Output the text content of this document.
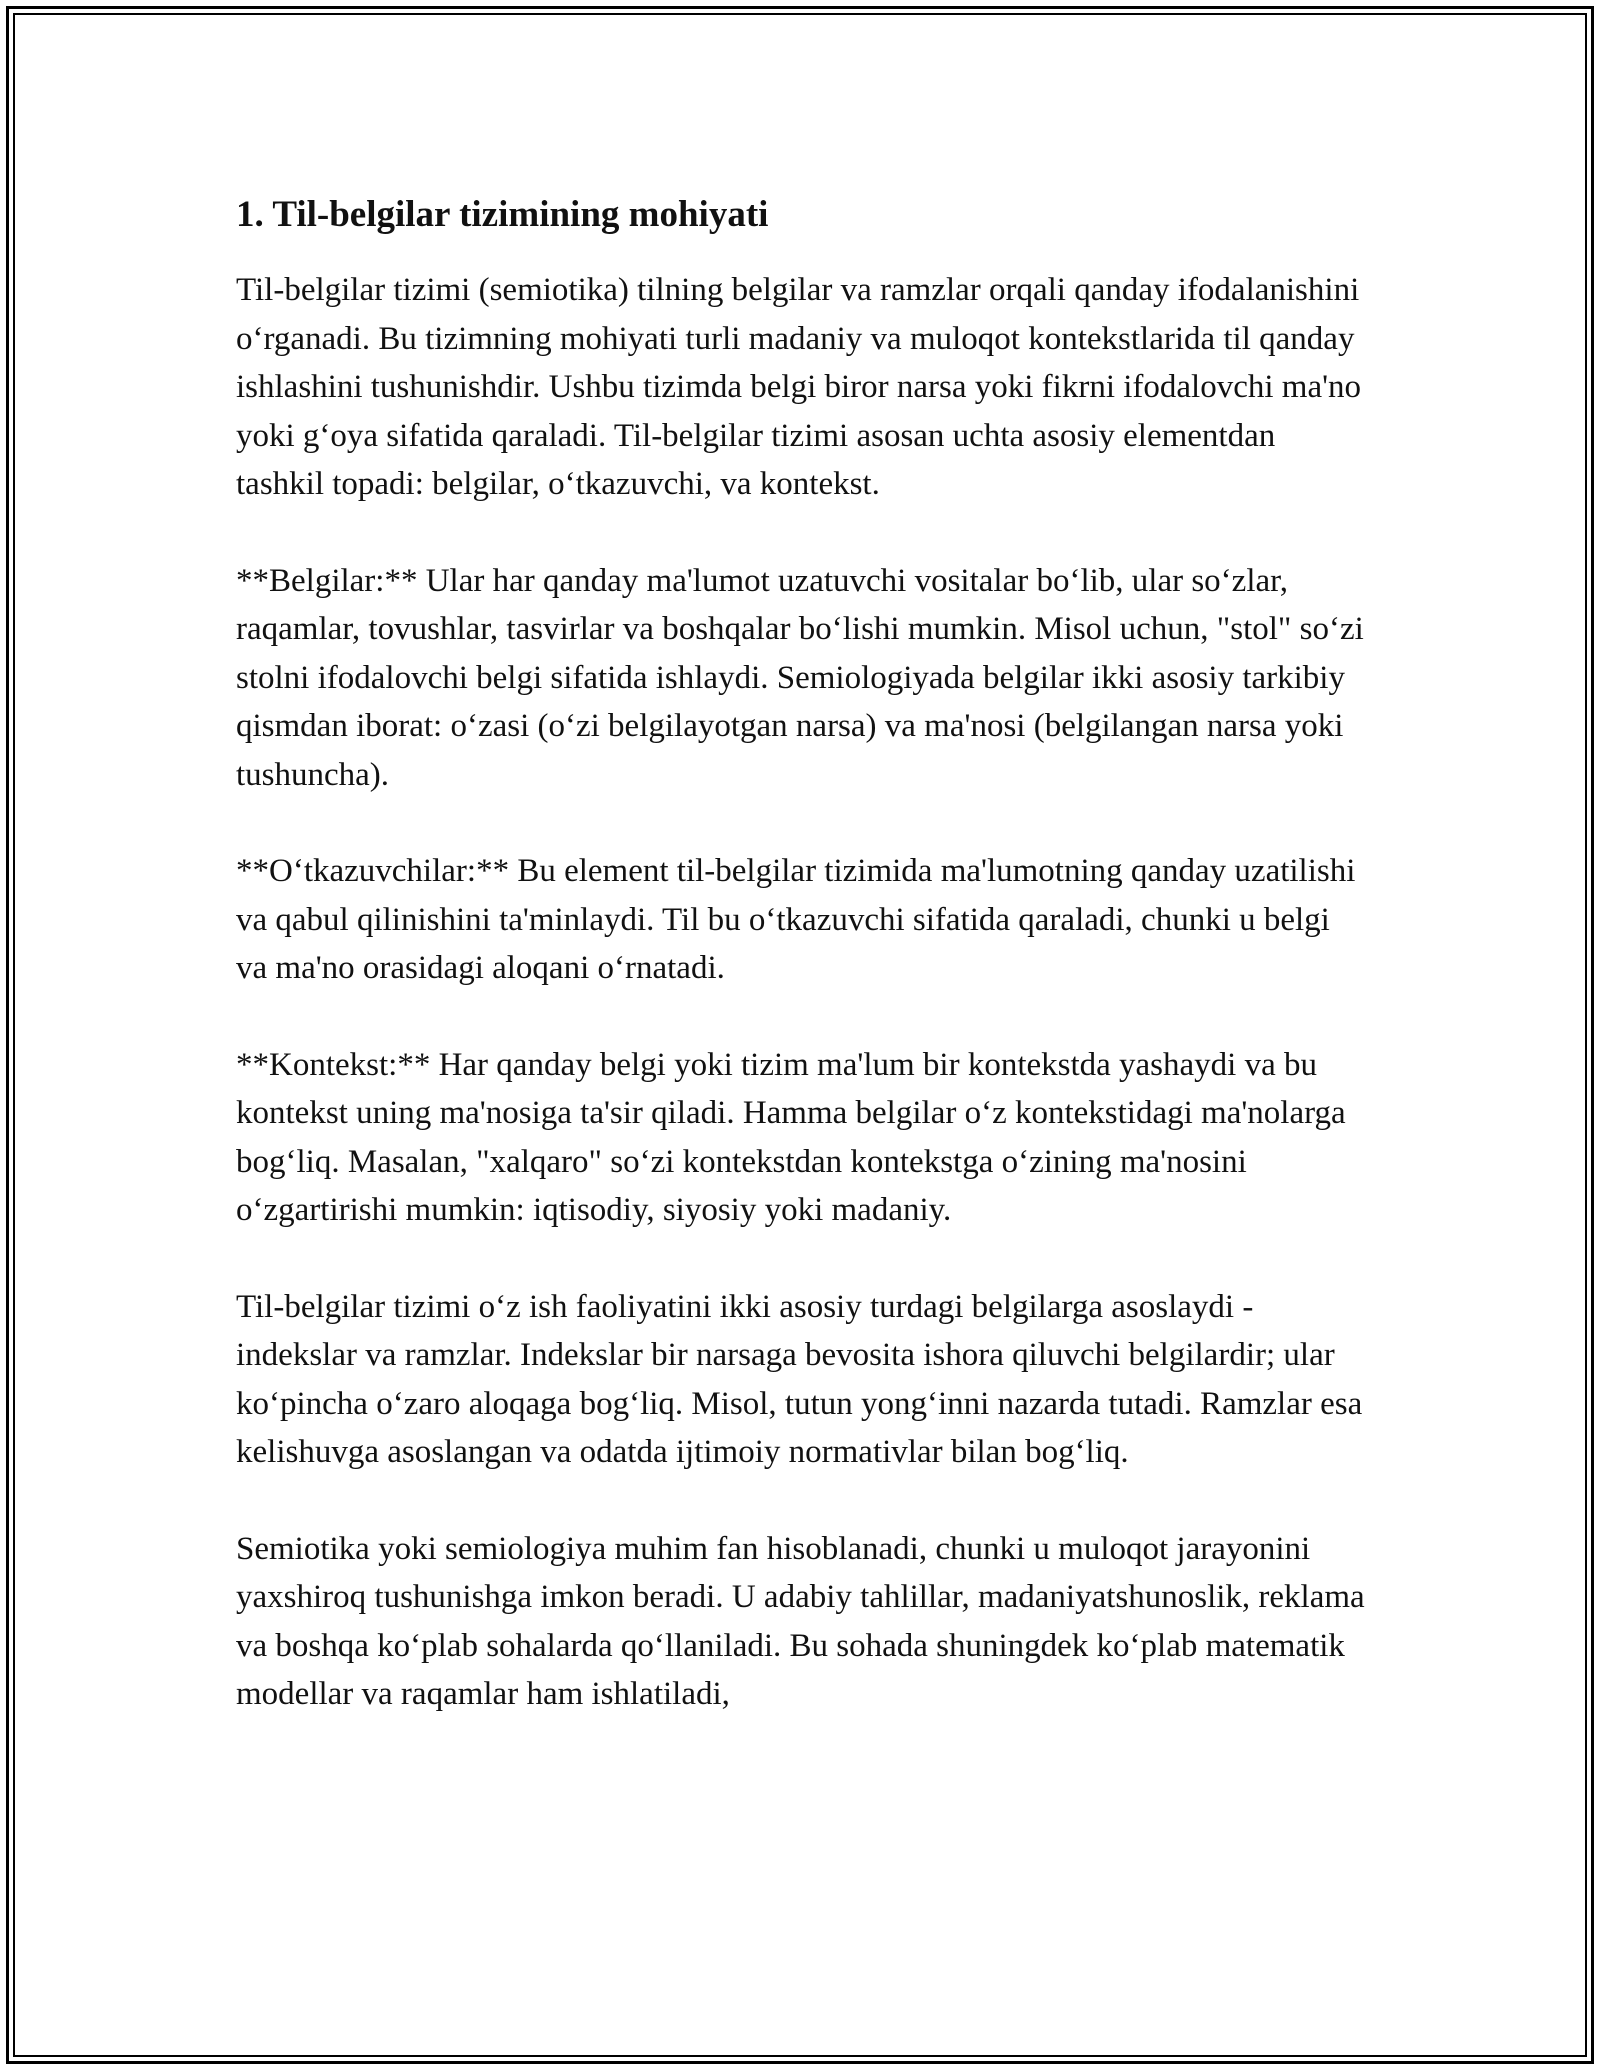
1. Til-belgilar tizimining mohiyati

Til-belgilar tizimi (semiotika) tilning belgilar va ramzlar orqali qanday ifodalanishini o‘rganadi. Bu tizimning mohiyati turli madaniy va muloqot kontekstlarida til qanday ishlashini tushunishdir. Ushbu tizimda belgi biror narsa yoki fikrni ifodalovchi ma'no yoki g‘oya sifatida qaraladi. Til-belgilar tizimi asosan uchta asosiy elementdan tashkil topadi: belgilar, o‘tkazuvchi, va kontekst.

**Belgilar:** Ular har qanday ma'lumot uzatuvchi vositalar bo‘lib, ular so‘zlar, raqamlar, tovushlar, tasvirlar va boshqalar bo‘lishi mumkin. Misol uchun, "stol" so‘zi stolni ifodalovchi belgi sifatida ishlaydi. Semiologiyada belgilar ikki asosiy tarkibiy qismdan iborat: o‘zasi (o‘zi belgilayotgan narsa) va ma'nosi (belgilangan narsa yoki tushuncha).

**O‘tkazuvchilar:** Bu element til-belgilar tizimida ma'lumotning qanday uzatilishi va qabul qilinishini ta'minlaydi. Til bu o‘tkazuvchi sifatida qaraladi, chunki u belgi va ma'no orasidagi aloqani o‘rnatadi.

**Kontekst:** Har qanday belgi yoki tizim ma'lum bir kontekstda yashaydi va bu kontekst uning ma'nosiga ta'sir qiladi. Hamma belgilar o‘z kontekstidagi ma'nolarga bog‘liq. Masalan, "xalqaro" so‘zi kontekstdan kontekstga o‘zining ma'nosini o‘zgartirishi mumkin: iqtisodiy, siyosiy yoki madaniy.

Til-belgilar tizimi o‘z ish faoliyatini ikki asosiy turdagi belgilarga asoslaydi - indekslar va ramzlar. Indekslar bir narsaga bevosita ishora qiluvchi belgilardir; ular ko‘pincha o‘zaro aloqaga bog‘liq. Misol, tutun yong‘inni nazarda tutadi. Ramzlar esa kelishuvga asoslangan va odatda ijtimoiy normativlar bilan bog‘liq.

Semiotika yoki semiologiya muhim fan hisoblanadi, chunki u muloqot jarayonini yaxshiroq tushunishga imkon beradi. U adabiy tahlillar, madaniyatshunoslik, reklama va boshqa ko‘plab sohalarda qo‘llaniladi. Bu sohada shuningdek ko‘plab matematik modellar va raqamlar ham ishlatiladi,
